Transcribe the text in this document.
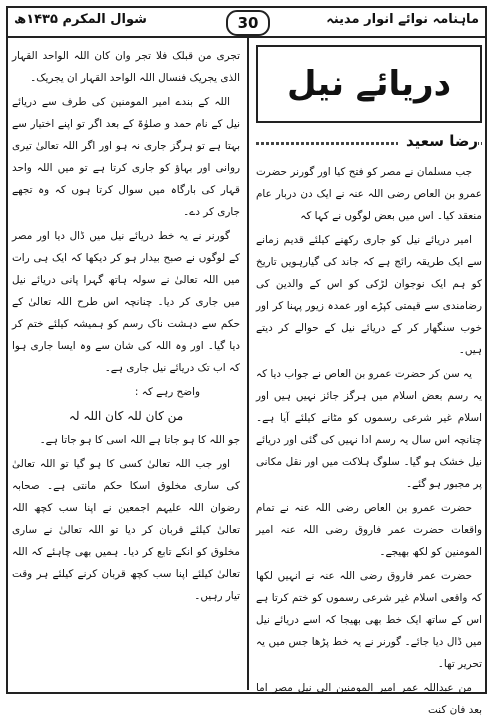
ماہنامہ نوائے انوار مدینہ
30
شوال المکرم ۱۴۳۵ھ
دریائے نیل
رضا سعید

جب مسلمان نے مصر کو فتح کیا اور گورنر حضرت عمرو بن العاص رضی اللہ عنہ نے ایک دن دربار عام منعقد کیا۔ اس میں بعض لوگوں نے کہا کہ

امیر دریائے نیل کو جاری رکھنے کیلئے قدیم زمانے سے ایک طریقہ رائج ہے کہ جاند کی گیارہویں تاریخ کو ہم ایک نوجوان لڑکی کو اس کے والدین کی رضامندی سے قیمتی کپڑے اور عمدہ زیور پہنا کر اور خوب سنگھار کر کے دریائے نیل کے حوالے کر دیتے ہیں۔

یہ سن کر حضرت عمرو بن العاص نے جواب دیا کہ یہ رسم بعض اسلام میں ہرگز جائز نہیں ہیں اور اسلام غیر شرعی رسموں کو مٹانے کیلئے آیا ہے۔ چنانچہ اس سال یہ رسم ادا نہیں کی گئی اور دریائے نیل خشک ہو گیا۔ سلوگ ہلاکت میں اور نقل مکانی پر مجبور ہو گئے۔

حضرت عمرو بن العاص رضی اللہ عنہ نے تمام واقعات حضرت عمر فاروق رضی اللہ عنہ امیر المومنین کو لکھ بھیجے۔

حضرت عمر فاروق رضی اللہ عنہ نے انہیں لکھا کہ واقعی اسلام غیر شرعی رسموں کو ختم کرتا ہے اس کے ساتھ ایک خط بھی بھیجا کہ اسے دریائے نیل میں ڈال دیا جائے۔ گورنر نے یہ خط پڑھا جس میں یہ تحریر تھا۔

من عبداللہ عمر امیر المومنین الی نیل مصر اما بعد فان کنت

تجری من قبلک فلا تجر وان کان اللہ الواحد القہار الذی یجریک فنسال اللہ الواحد القہار ان یجریک۔

اللہ کے بندے امیر المومنین کی طرف سے دریائے نیل کے نام حمد و صلوٰۃ کے بعد اگر تو اپنے اختیار سے بہتا ہے تو ہرگز جاری نہ ہو اور اگر اللہ تعالیٰ تیری روانی اور بہاؤ کو جاری کرتا ہے تو میں اللہ واحد قہار کی بارگاہ میں سوال کرتا ہوں کہ وہ تجھے جاری کر دے۔

گورنر نے یہ خط دریائے نیل میں ڈال دیا اور مصر کے لوگوں نے صبح بیدار ہو کر دیکھا کہ ایک ہی رات میں اللہ تعالیٰ نے سولہ ہاتھ گہرا پانی دریائے نیل میں جاری کر دیا۔ چنانچہ اس طرح اللہ تعالیٰ کے حکم سے دہشت ناک رسم کو ہمیشہ کیلئے ختم کر دیا گیا۔ اور وہ اللہ کی شان سے وہ ایسا جاری ہوا کہ اب تک دریائے نیل جاری ہے۔

واضح رہے کہ :

من کان للہ کان اللہ لہ

جو اللہ کا ہو جاتا ہے اللہ اسی کا ہو جاتا ہے۔

اور جب اللہ تعالیٰ کسی کا ہو گیا تو اللہ تعالیٰ کی ساری مخلوق اسکا حکم مانتی ہے۔ صحابہ رضوان اللہ علیہم اجمعین نے اپنا سب کچھ اللہ تعالیٰ کیلئے قربان کر دیا تو اللہ تعالیٰ نے ساری مخلوق کو انکے تابع کر دیا۔ ہمیں بھی چاہئے کہ اللہ تعالیٰ کیلئے اپنا سب کچھ قربان کرنے کیلئے ہر وقت تیار رہیں۔
